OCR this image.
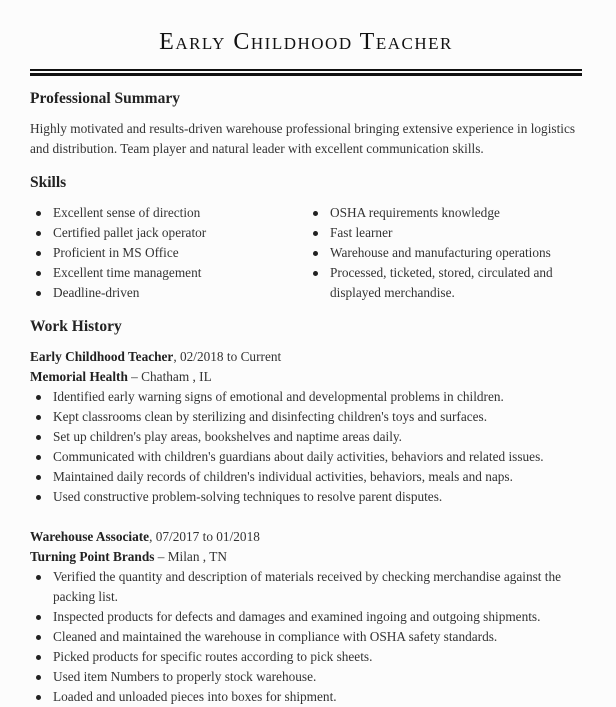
Early Childhood Teacher
Professional Summary
Highly motivated and results-driven warehouse professional bringing extensive experience in logistics and distribution. Team player and natural leader with excellent communication skills.
Skills
Excellent sense of direction
Certified pallet jack operator
Proficient in MS Office
Excellent time management
Deadline-driven
OSHA requirements knowledge
Fast learner
Warehouse and manufacturing operations
Processed, ticketed, stored, circulated and displayed merchandise.
Work History
Early Childhood Teacher, 02/2018 to Current
Memorial Health – Chatham , IL
Identified early warning signs of emotional and developmental problems in children.
Kept classrooms clean by sterilizing and disinfecting children's toys and surfaces.
Set up children's play areas, bookshelves and naptime areas daily.
Communicated with children's guardians about daily activities, behaviors and related issues.
Maintained daily records of children's individual activities, behaviors, meals and naps.
Used constructive problem-solving techniques to resolve parent disputes.
Warehouse Associate, 07/2017 to 01/2018
Turning Point Brands – Milan , TN
Verified the quantity and description of materials received by checking merchandise against the packing list.
Inspected products for defects and damages and examined ingoing and outgoing shipments.
Cleaned and maintained the warehouse in compliance with OSHA safety standards.
Picked products for specific routes according to pick sheets.
Used item Numbers to properly stock warehouse.
Loaded and unloaded pieces into boxes for shipment.
